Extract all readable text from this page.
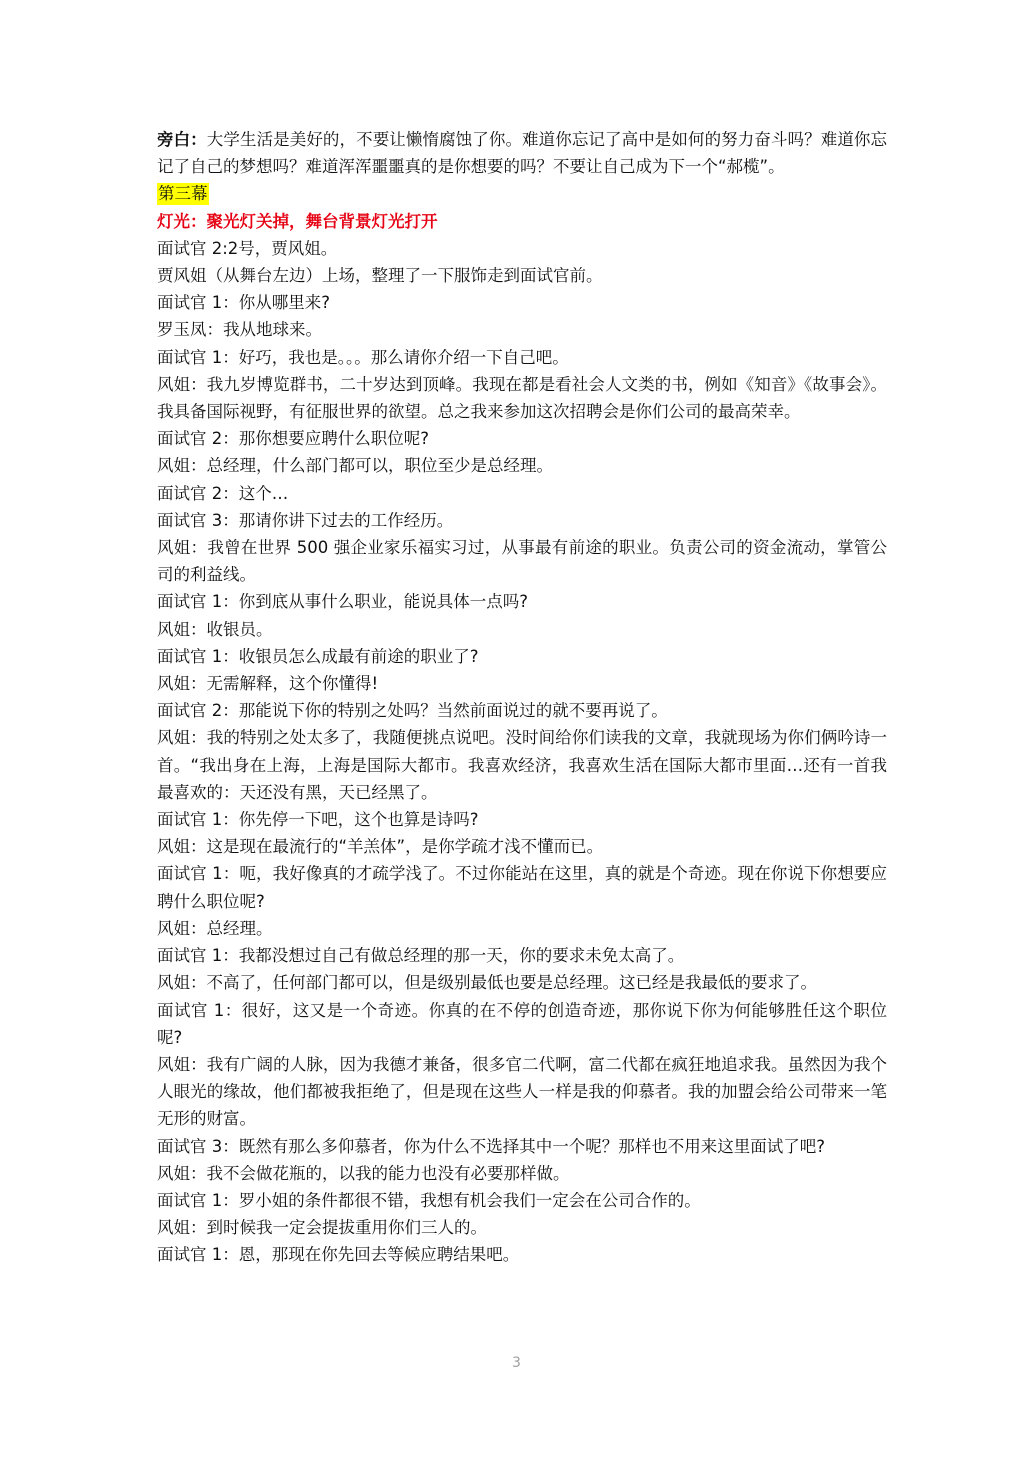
旁白：大学生活是美好的，不要让懒惰腐蚀了你。难道你忘记了高中是如何的努力奋斗吗？难道你忘记了自己的梦想吗？难道浑浑噩噩真的是你想要的吗？不要让自己成为下一个“郝榄”。

第三幕

灯光：聚光灯关掉，舞台背景灯光打开

面试官 2:2号，贾风姐。

贾风姐（从舞台左边）上场，整理了一下服饰走到面试官前。

面试官 1：你从哪里来?

罗玉凤：我从地球来。

面试官 1：好巧，我也是。。。那么请你介绍一下自己吧。

风姐：我九岁博览群书，二十岁达到顶峰。我现在都是看社会人文类的书，例如《知音》《故事会》。我具备国际视野，有征服世界的欲望。总之我来参加这次招聘会是你们公司的最高荣幸。

面试官 2：那你想要应聘什么职位呢?

风姐：总经理，什么部门都可以，职位至少是总经理。

面试官 2：这个…

面试官 3：那请你讲下过去的工作经历。

风姐：我曾在世界 500 强企业家乐福实习过，从事最有前途的职业。负责公司的资金流动，掌管公司的利益线。

面试官 1：你到底从事什么职业，能说具体一点吗?

风姐：收银员。

面试官 1：收银员怎么成最有前途的职业了?

风姐：无需解释，这个你懂得!

面试官 2：那能说下你的特别之处吗？当然前面说过的就不要再说了。

风姐：我的特别之处太多了，我随便挑点说吧。没时间给你们读我的文章，我就现场为你们俩吟诗一首。“我出身在上海，上海是国际大都市。我喜欢经济，我喜欢生活在国际大都市里面…还有一首我最喜欢的：天还没有黑，天已经黑了。

面试官 1：你先停一下吧，这个也算是诗吗?

风姐：这是现在最流行的“羊羔体”，是你学疏才浅不懂而已。

面试官 1：呃，我好像真的才疏学浅了。不过你能站在这里，真的就是个奇迹。现在你说下你想要应聘什么职位呢?

风姐：总经理。

面试官 1：我都没想过自己有做总经理的那一天，你的要求未免太高了。

风姐：不高了，任何部门都可以，但是级别最低也要是总经理。这已经是我最低的要求了。

面试官 1：很好，这又是一个奇迹。你真的在不停的创造奇迹，那你说下你为何能够胜任这个职位呢?

风姐：我有广阔的人脉，因为我德才兼备，很多官二代啊，富二代都在疯狂地追求我。虽然因为我个人眼光的缘故，他们都被我拒绝了，但是现在这些人一样是我的仰慕者。我的加盟会给公司带来一笔无形的财富。

面试官 3：既然有那么多仰慕者，你为什么不选择其中一个呢？那样也不用来这里面试了吧?

风姐：我不会做花瓶的，以我的能力也没有必要那样做。

面试官 1：罗小姐的条件都很不错，我想有机会我们一定会在公司合作的。

风姐：到时候我一定会提拔重用你们三人的。

面试官 1：恩，那现在你先回去等候应聘结果吧。

3
